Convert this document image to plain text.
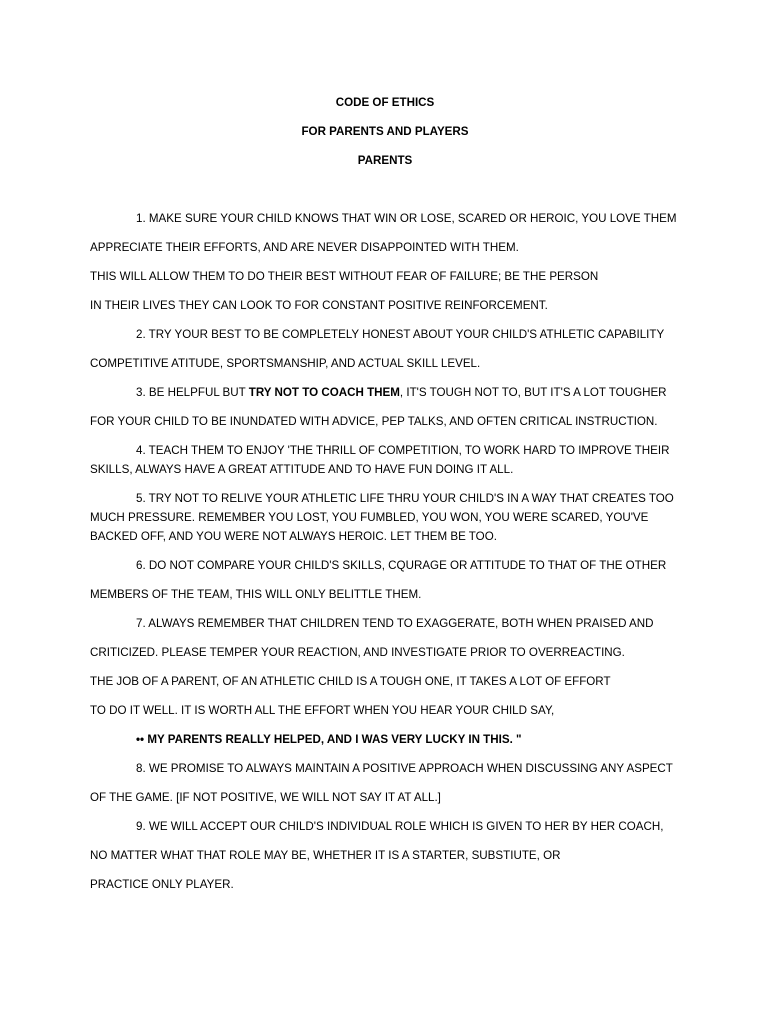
CODE OF ETHICS
FOR PARENTS AND PLAYERS
PARENTS
1. MAKE SURE YOUR CHILD KNOWS THAT WIN OR LOSE, SCARED OR HEROIC, YOU LOVE THEM
APPRECIATE THEIR EFFORTS, AND ARE NEVER DISAPPOINTED WITH THEM.
THIS WILL ALLOW THEM TO DO THEIR BEST WITHOUT FEAR OF FAILURE; BE THE PERSON
IN THEIR LIVES THEY CAN LOOK TO FOR CONSTANT POSITIVE REINFORCEMENT.
2. TRY YOUR BEST TO BE COMPLETELY HONEST ABOUT YOUR CHILD'S ATHLETIC CAPABILITY
COMPETITIVE ATITUDE, SPORTSMANSHIP, AND ACTUAL SKILL LEVEL.
3. BE HELPFUL BUT TRY NOT TO COACH THEM, IT'S TOUGH NOT TO, BUT IT'S A LOT TOUGHER
FOR YOUR CHILD TO BE INUNDATED WITH ADVICE, PEP TALKS, AND OFTEN CRITICAL INSTRUCTION.
4. TEACH THEM TO ENJOY 'THE THRILL OF COMPETITION, TO WORK HARD TO IMPROVE THEIR
SKILLS, ALWAYS HAVE A GREAT ATTITUDE AND TO HAVE FUN DOING IT ALL.
5. TRY NOT TO RELIVE YOUR ATHLETIC LIFE THRU YOUR CHILD'S IN A WAY THAT CREATES TOO
MUCH PRESSURE. REMEMBER YOU LOST, YOU FUMBLED, YOU WON, YOU WERE SCARED, YOU'VE
BACKED OFF, AND YOU WERE NOT ALWAYS HEROIC. LET THEM BE TOO.
6. DO NOT COMPARE YOUR CHILD'S SKILLS, CQURAGE OR ATTITUDE TO THAT OF THE OTHER
MEMBERS OF THE TEAM, THIS WILL ONLY BELITTLE THEM.
7. ALWAYS REMEMBER THAT CHILDREN TEND TO EXAGGERATE, BOTH WHEN PRAISED AND
CRITICIZED. PLEASE TEMPER YOUR REACTION, AND INVESTIGATE PRIOR TO OVERREACTING.
THE JOB OF A PARENT, OF AN ATHLETIC CHILD IS A TOUGH ONE, IT TAKES A LOT OF EFFORT
TO DO IT WELL. IT IS WORTH ALL THE EFFORT WHEN YOU HEAR YOUR CHILD SAY,
•• MY PARENTS REALLY HELPED, AND I WAS VERY LUCKY IN THIS. "
8. WE PROMISE TO ALWAYS MAINTAIN A POSITIVE APPROACH WHEN DISCUSSING ANY ASPECT
OF THE GAME. [IF NOT POSITIVE, WE WILL NOT SAY IT AT ALL.]
9. WE WILL ACCEPT OUR CHILD'S INDIVIDUAL ROLE WHICH IS GIVEN TO HER BY HER COACH,
NO MATTER WHAT THAT ROLE MAY BE, WHETHER IT IS A STARTER, SUBSTIUTE, OR
PRACTICE ONLY PLAYER.
